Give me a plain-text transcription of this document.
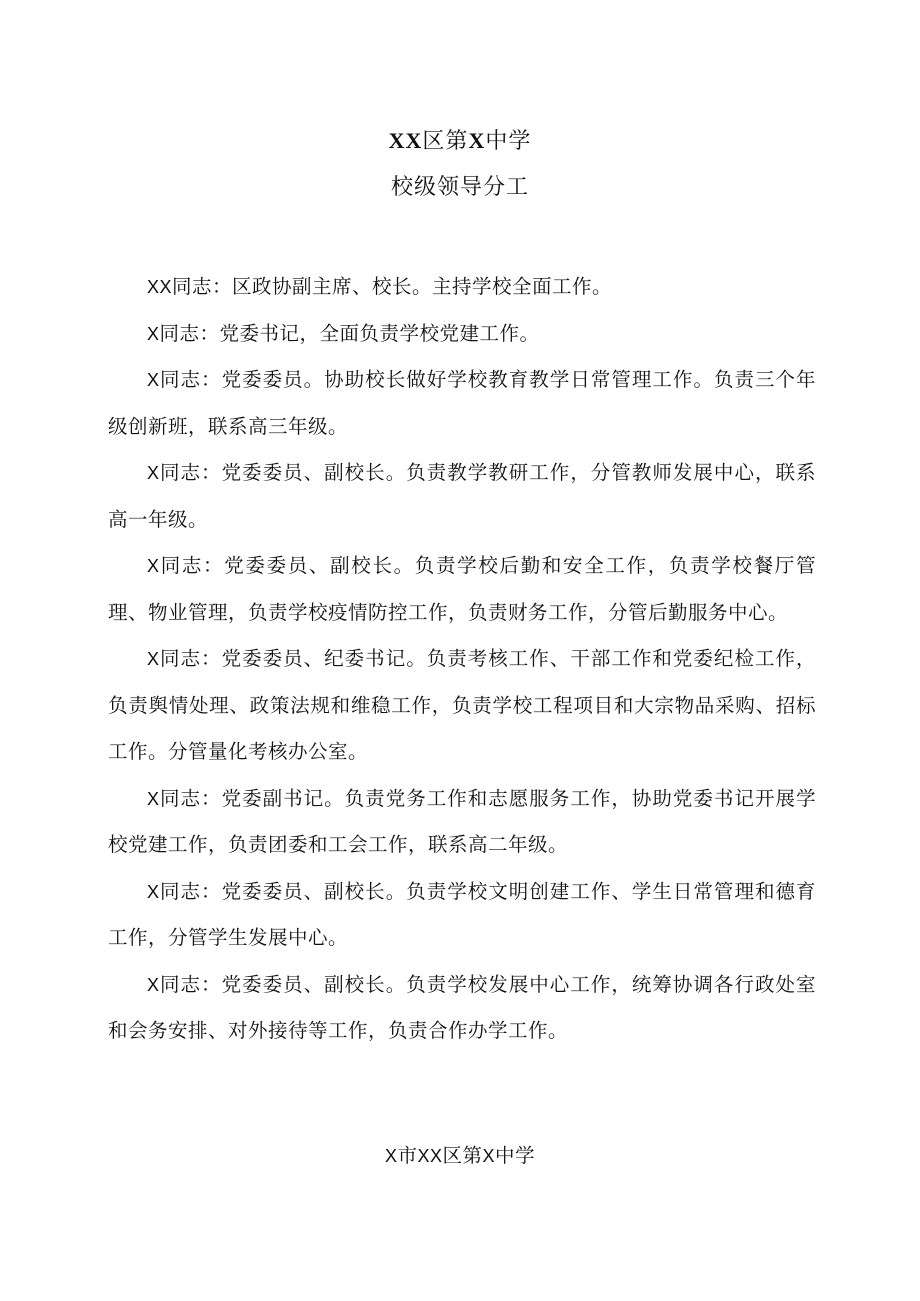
XX区第X中学
校级领导分工

XX同志：区政协副主席、校长。主持学校全面工作。

X同志：党委书记，全面负责学校党建工作。

X同志：党委委员。协助校长做好学校教育教学日常管理工作。负责三个年级创新班，联系高三年级。

X同志：党委委员、副校长。负责教学教研工作，分管教师发展中心，联系高一年级。

X同志：党委委员、副校长。负责学校后勤和安全工作，负责学校餐厅管理、物业管理，负责学校疫情防控工作，负责财务工作，分管后勤服务中心。

X同志：党委委员、纪委书记。负责考核工作、干部工作和党委纪检工作，负责舆情处理、政策法规和维稳工作，负责学校工程项目和大宗物品采购、招标工作。分管量化考核办公室。

X同志：党委副书记。负责党务工作和志愿服务工作，协助党委书记开展学校党建工作，负责团委和工会工作，联系高二年级。

X同志：党委委员、副校长。负责学校文明创建工作、学生日常管理和德育工作，分管学生发展中心。

X同志：党委委员、副校长。负责学校发展中心工作，统筹协调各行政处室和会务安排、对外接待等工作，负责合作办学工作。

X市XX区第X中学
